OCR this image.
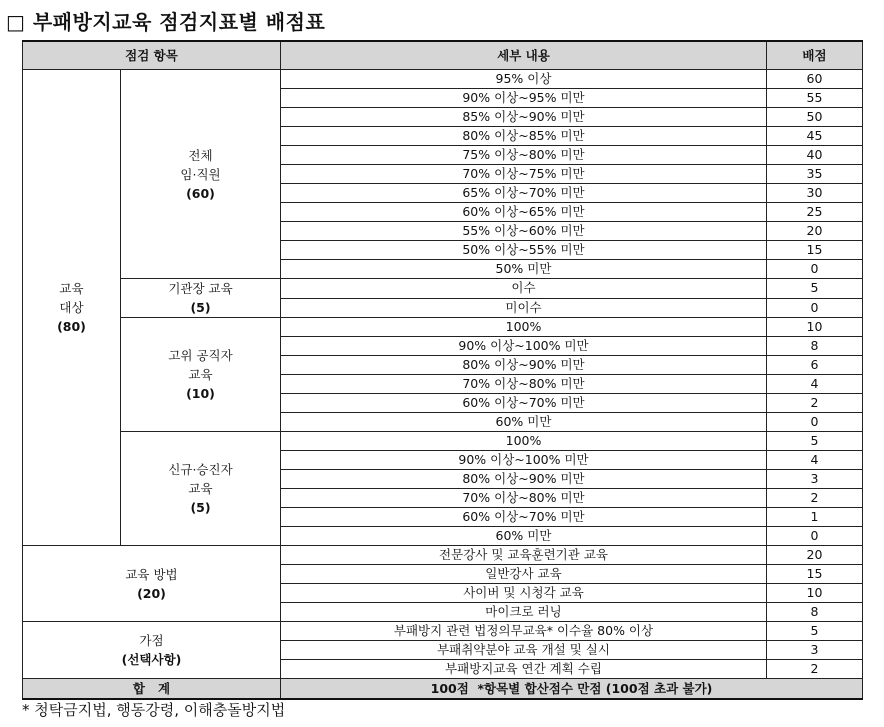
□ 부패방지교육 점검지표별 배점표
점검 항목		세부 내용	배점
교육
대상
(80)	전체
임·직원
(60)	95% 이상	60
		90% 이상~95% 미만	55
		85% 이상~90% 미만	50
		80% 이상~85% 미만	45
		75% 이상~80% 미만	40
		70% 이상~75% 미만	35
		65% 이상~70% 미만	30
		60% 이상~65% 미만	25
		55% 이상~60% 미만	20
		50% 이상~55% 미만	15
		50% 미만	0
	기관장 교육
(5)	이수	5
		미이수	0
	고위 공직자
교육
(10)	100%	10
		90% 이상~100% 미만	8
		80% 이상~90% 미만	6
		70% 이상~80% 미만	4
		60% 이상~70% 미만	2
		60% 미만	0
	신규·승진자
교육
(5)	100%	5
		90% 이상~100% 미만	4
		80% 이상~90% 미만	3
		70% 이상~80% 미만	2
		60% 이상~70% 미만	1
		60% 미만	0
교육 방법
(20)		전문강사 및 교육훈련기관 교육	20
		일반강사 교육	15
		사이버 및 시청각 교육	10
		마이크로 러닝	8
가점
(선택사항)		부패방지 관련 법정의무교육* 이수율 80% 이상	5
		부패취약분야 교육 개설 및 실시	3
		부패방지교육 연간 계획 수립	2
합   계		100점  *항목별 합산점수 만점 (100점 초과 불가)	
* 청탁금지법, 행동강령, 이해충돌방지법
